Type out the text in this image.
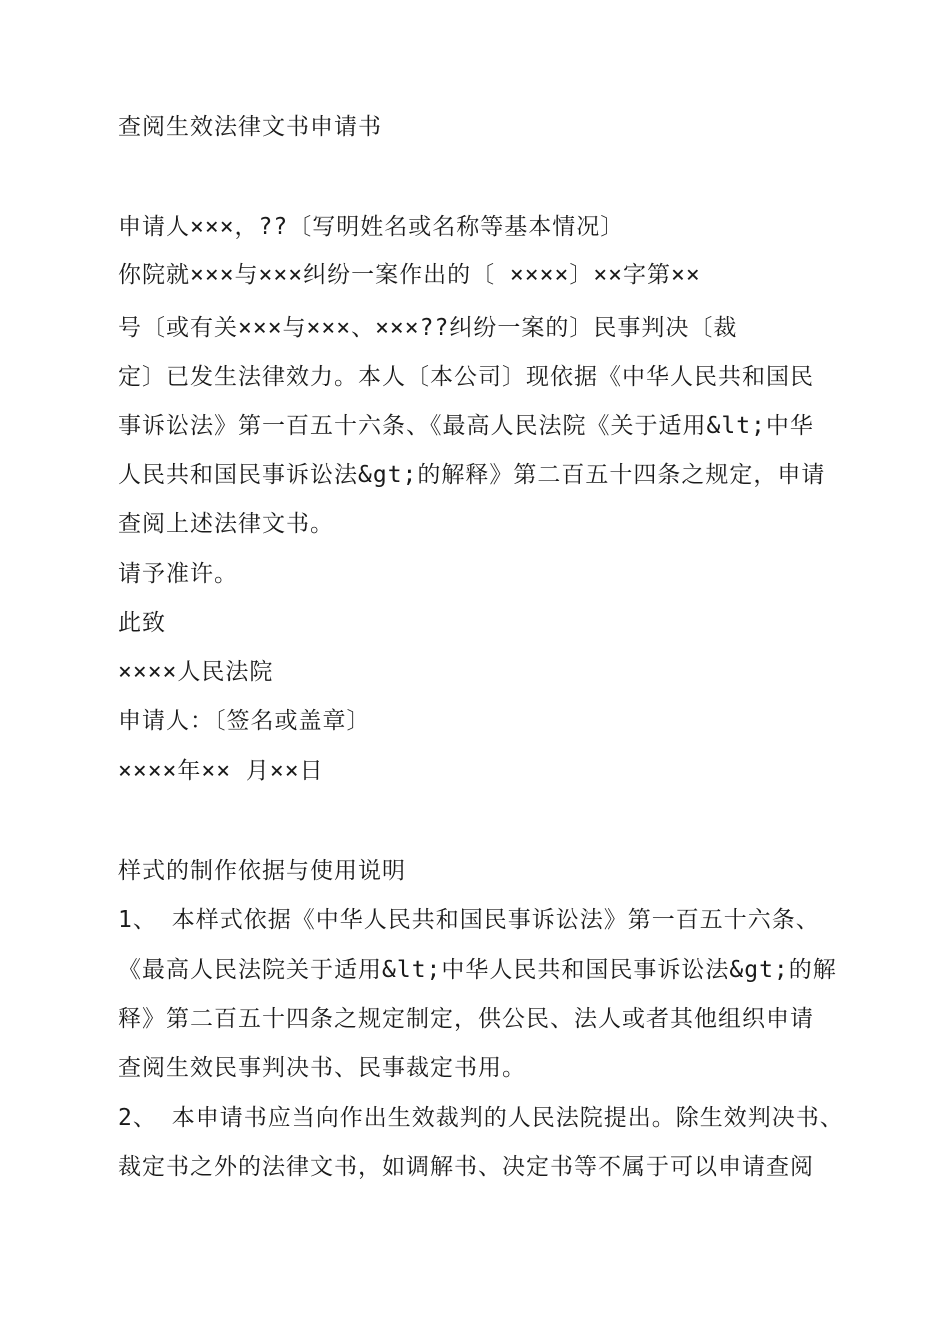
查阅生效法律文书申请书
申请人×××，??〔写明姓名或名称等基本情况〕
你院就×××与×××纠纷一案作出的〔 ××××〕××字第××
号〔或有关×××与×××、×××??纠纷一案的〕民事判决〔裁
定〕已发生法律效力。本人〔本公司〕现依据《中华人民共和国民
事诉讼法》第一百五十六条、《最高人民法院《关于适用&lt;中华
人民共和国民事诉讼法&gt;的解释》第二百五十四条之规定，申请
查阅上述法律文书。
请予准许。
此致
××××人民法院
申请人：〔签名或盖章〕
××××年×× 月××日
样式的制作依据与使用说明
1、 本样式依据《中华人民共和国民事诉讼法》第一百五十六条、
《最高人民法院关于适用&lt;中华人民共和国民事诉讼法&gt;的解
释》第二百五十四条之规定制定，供公民、法人或者其他组织申请
查阅生效民事判决书、民事裁定书用。
2、 本申请书应当向作出生效裁判的人民法院提出。除生效判决书、
裁定书之外的法律文书，如调解书、决定书等不属于可以申请查阅
